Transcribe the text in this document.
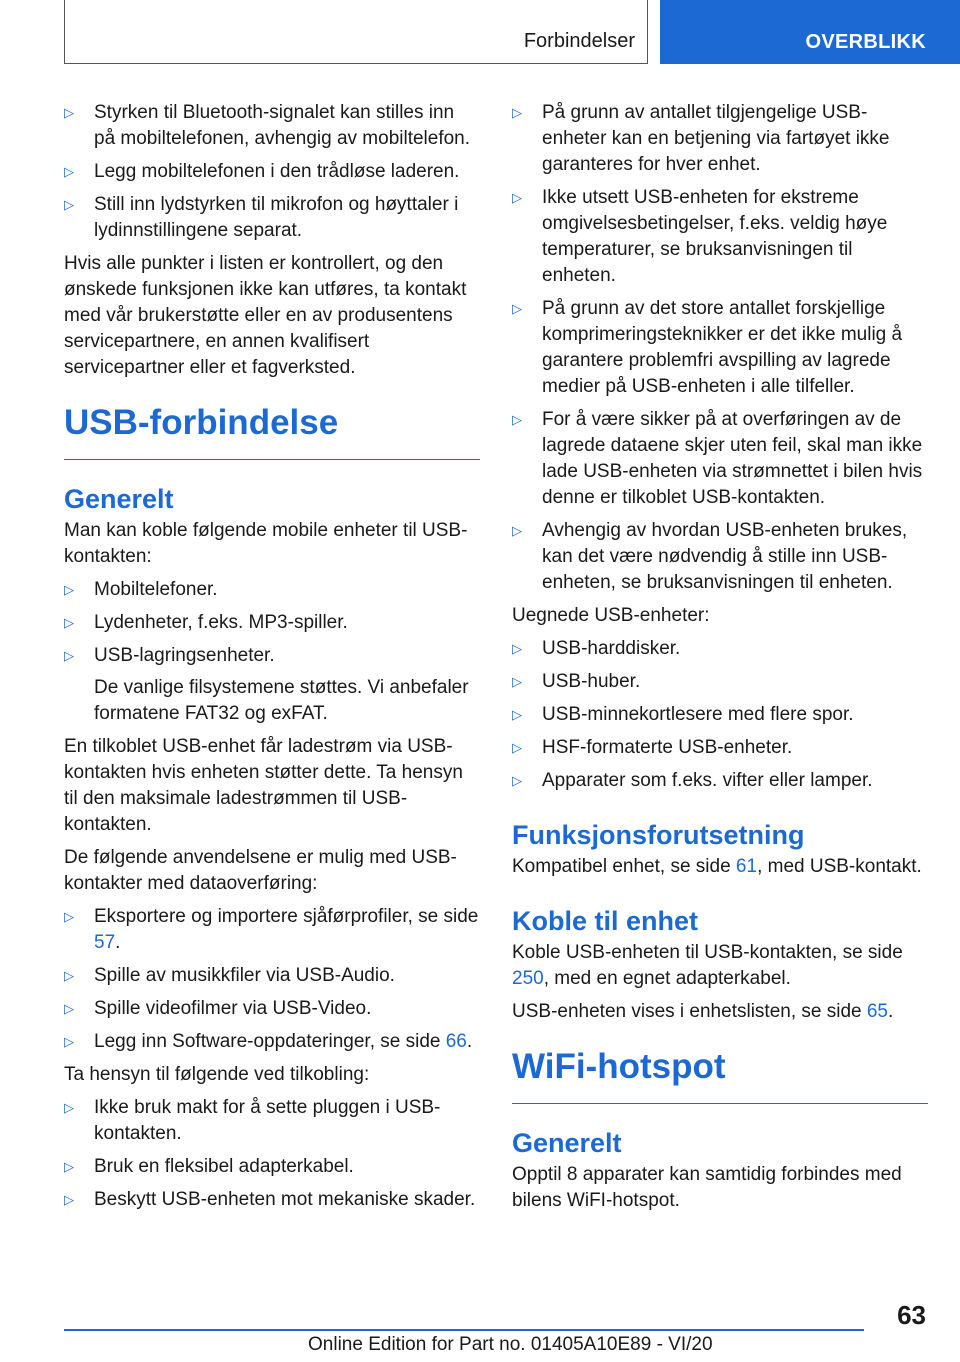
Forbindelser	OVERBLIKK
▷ Styrken til Bluetooth-signalet kan stilles inn på mobiltelefonen, avhengig av mobiltelefon.
▷ Legg mobiltelefonen i den trådløse laderen.
▷ Still inn lydstyrken til mikrofon og høyttaler i lydinnstillingene separat.

Hvis alle punkter i listen er kontrollert, og den ønskede funksjonen ikke kan utføres, ta kontakt med vår brukerstøtte eller en av produsentens servicepartnere, en annen kvalifisert servicepartner eller et fagverksted.

USB-forbindelse
Generelt

Man kan koble følgende mobile enheter til USB-kontakten:

▷ Mobiltelefoner.
▷ Lydenheter, f.eks. MP3-spiller.
▷ USB-lagringsenheter.
De vanlige filsystemene støttes. Vi anbefaler formatene FAT32 og exFAT.

En tilkoblet USB-enhet får ladestrøm via USB-kontakten hvis enheten støtter dette. Ta hensyn til den maksimale ladestrømmen til USB-kontakten.

De følgende anvendelsene er mulig med USB-kontakter med dataoverføring:

▷ Eksportere og importere sjåførprofiler, se side 57.
▷ Spille av musikkfiler via USB-Audio.
▷ Spille videofilmer via USB-Video.
▷ Legg inn Software-oppdateringer, se side 66.

Ta hensyn til følgende ved tilkobling:

▷ Ikke bruk makt for å sette pluggen i USB-kontakten.
▷ Bruk en fleksibel adapterkabel.
▷ Beskytt USB-enheten mot mekaniske skader.
▷ På grunn av antallet tilgjengelige USB-enheter kan en betjening via fartøyet ikke garanteres for hver enhet.
▷ Ikke utsett USB-enheten for ekstreme omgivelsesbetingelser, f.eks. veldig høye temperaturer, se bruksanvisningen til enheten.
▷ På grunn av det store antallet forskjellige komprimeringsteknikker er det ikke mulig å garantere problemfri avspilling av lagrede medier på USB-enheten i alle tilfeller.
▷ For å være sikker på at overføringen av de lagrede dataene skjer uten feil, skal man ikke lade USB-enheten via strømnettet i bilen hvis denne er tilkoblet USB-kontakten.
▷ Avhengig av hvordan USB-enheten brukes, kan det være nødvendig å stille inn USB-enheten, se bruksanvisningen til enheten.

Uegnede USB-enheter:

▷ USB-harddisker.
▷ USB-huber.
▷ USB-minnekortlesere med flere spor.
▷ HSF-formaterte USB-enheter.
▷ Apparater som f.eks. vifter eller lamper.
Funksjonsforutsetning

Kompatibel enhet, se side 61, med USB-kontakt.

Koble til enhet

Koble USB-enheten til USB-kontakten, se side 250, med en egnet adapterkabel.

USB-enheten vises i enhetslisten, se side 65.

WiFi-hotspot
Generelt

Opptil 8 apparater kan samtidig forbindes med bilens WiFI-hotspot.

63
Online Edition for Part no. 01405A10E89 - VI/20
